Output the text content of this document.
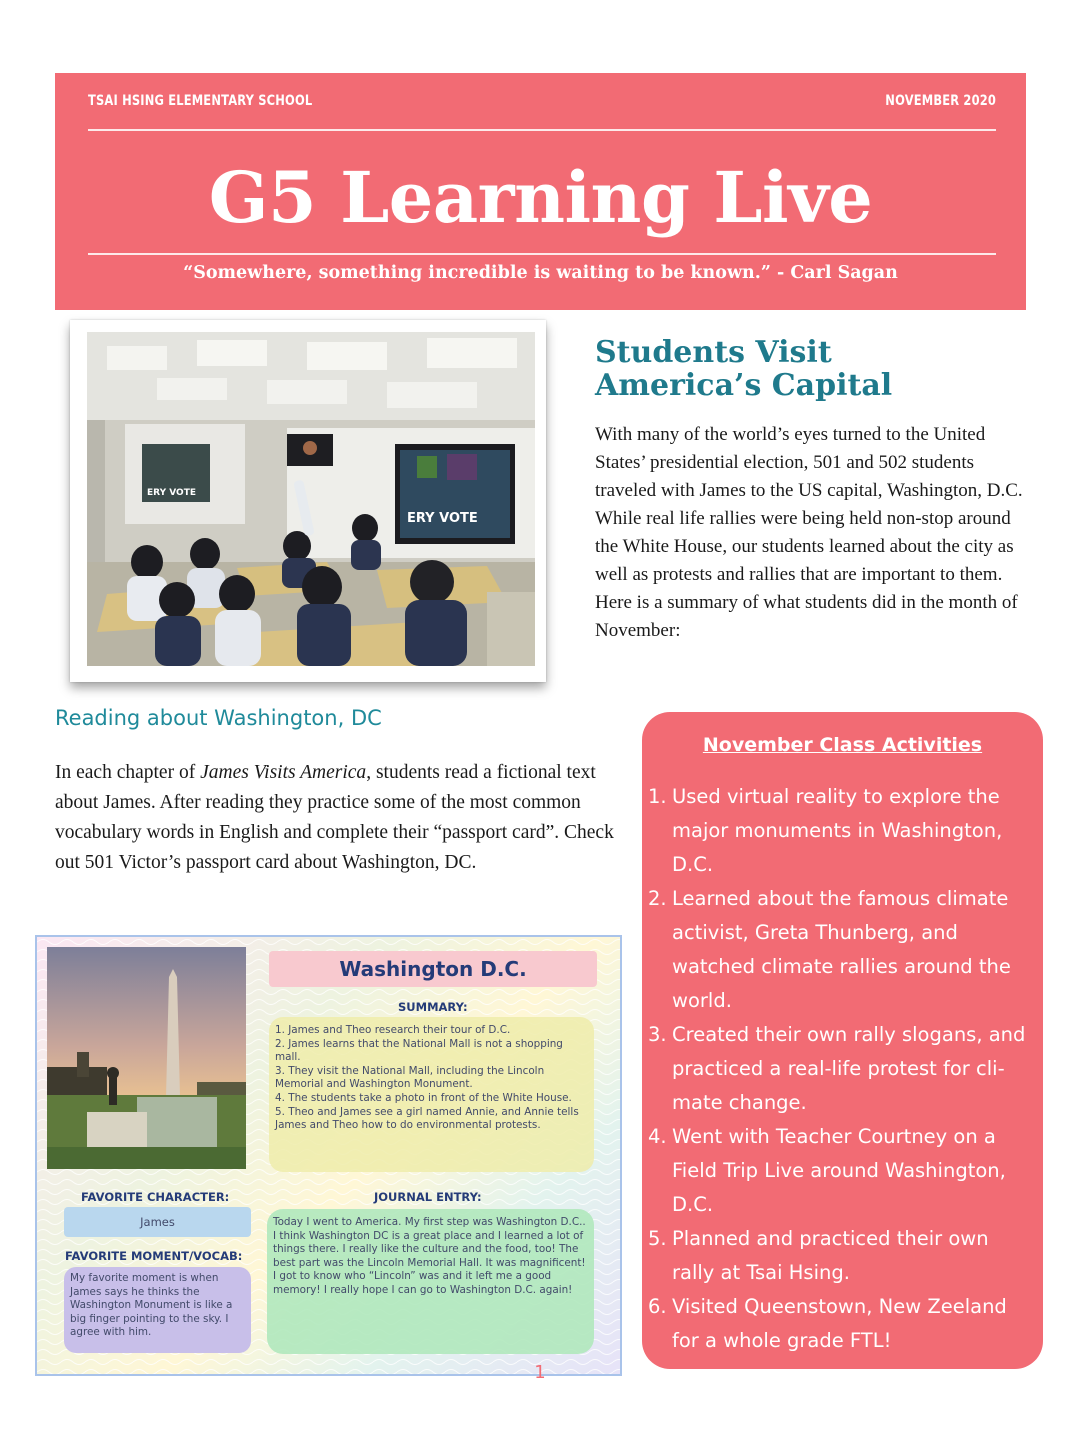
TSAI HSING ELEMENTARY SCHOOL	NOVEMBER 2020
G5 Learning Live
“Somewhere, something incredible is waiting to be known.” - Carl Sagan
ERY VOTE
ERY VOTE
Students Visit
America’s Capital

With many of the world’s eyes turned to the United States’ presidential election, 501 and 502 students traveled with James to the US capital, Washington, D.C. While real life rallies were being held non-stop around the White House, our students learned about the city as well as protests and rallies that are important to them. Here is a summary of what students did in the month of November:

Reading about Washington, DC

In each chapter of James Visits America, students read a fictional text about James. After reading they practice some of the most common vocabulary words in English and complete their “passport card”. Check out 501 Victor’s passport card about Washington, DC.

November Class Activities
1. Used virtual reality to explore the major monuments in Washington, D.C.
2. Learned about the famous climate activist, Greta Thunberg, and watched climate rallies around the world.
3. Created their own rally slogans, and practiced a real-life protest for cli-mate change.
4. Went with Teacher Courtney on a Field Trip Live around Washington, D.C.
5. Planned and practiced their own rally at Tsai Hsing.
6. Visited Queenstown, New Zeeland for a whole grade FTL!
Washington D.C.
SUMMARY:
1. James and Theo research their tour of D.C.
2. James learns that the National Mall is not a shopping mall.
3. They visit the National Mall, including the Lincoln Memorial and Washington Monument.
4. The students take a photo in front of the White House.
5. Theo and James see a girl named Annie, and Annie tells James and Theo how to do environmental protests.
FAVORITE CHARACTER:
James
FAVORITE MOMENT/VOCAB:
My favorite moment is when James says he thinks the Washington Monument is like a big finger pointing to the sky. I agree with him.
JOURNAL ENTRY:
Today I went to America. My first step was Washington D.C.. I think Washington DC is a great place and I learned a lot of things there. I really like the culture and the food, too! The best part was the Lincoln Memorial Hall. It was magnificent! I got to know who “Lincoln” was and it left me a good memory! I really hope I can go to Washington D.C. again!
1
